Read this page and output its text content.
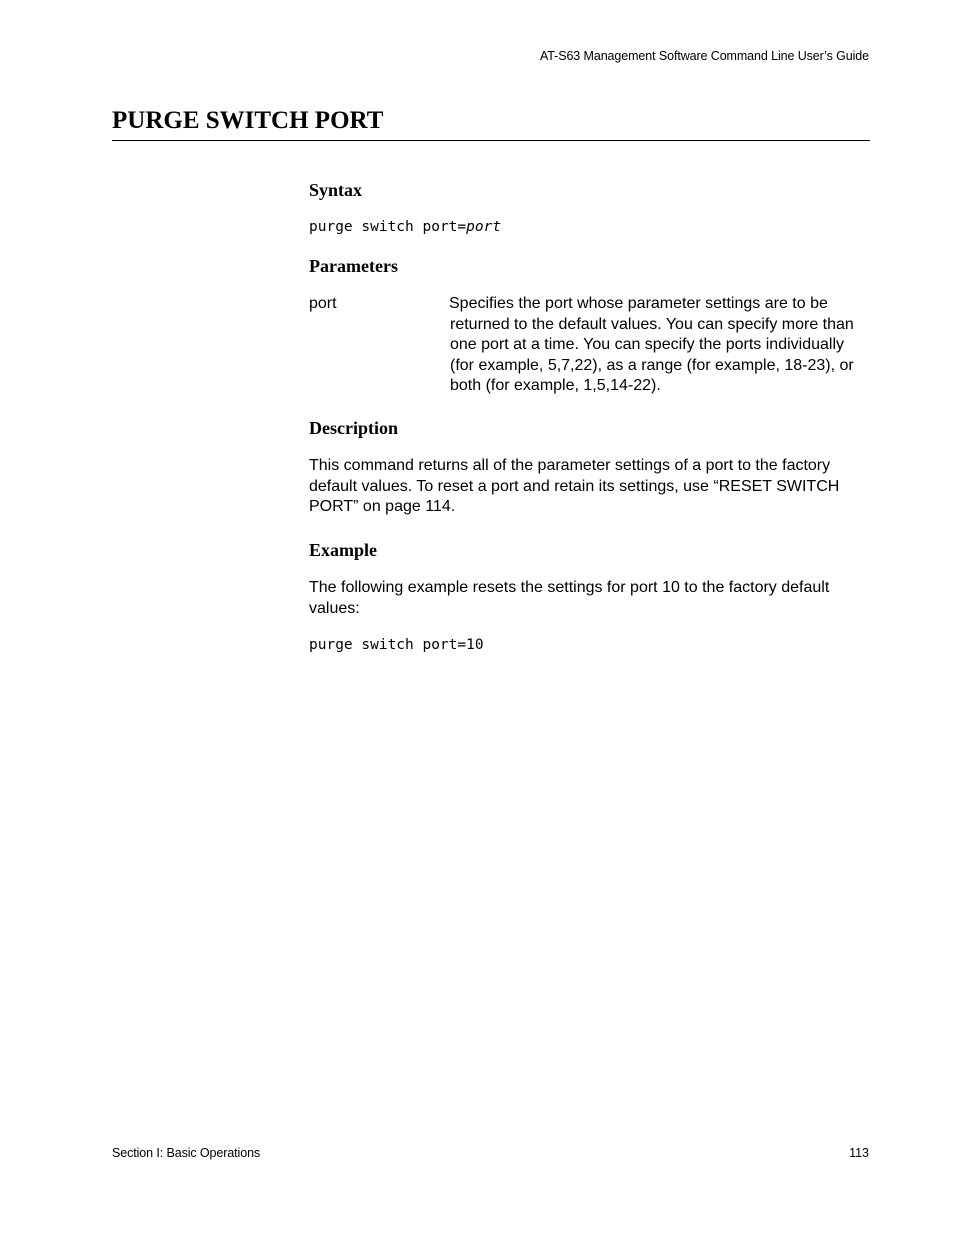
AT-S63 Management Software Command Line User’s Guide
PURGE SWITCH PORT
Syntax
purge switch port=port
Parameters
port	Specifies the port whose parameter settings are to be returned to the default values. You can specify more than one port at a time. You can specify the ports individually (for example, 5,7,22), as a range (for example, 18-23), or both (for example, 1,5,14-22).
Description
This command returns all of the parameter settings of a port to the factory default values. To reset a port and retain its settings, use “RESET SWITCH PORT” on page 114.
Example
The following example resets the settings for port 10 to the factory default values:
purge switch port=10
Section I: Basic Operations	113
